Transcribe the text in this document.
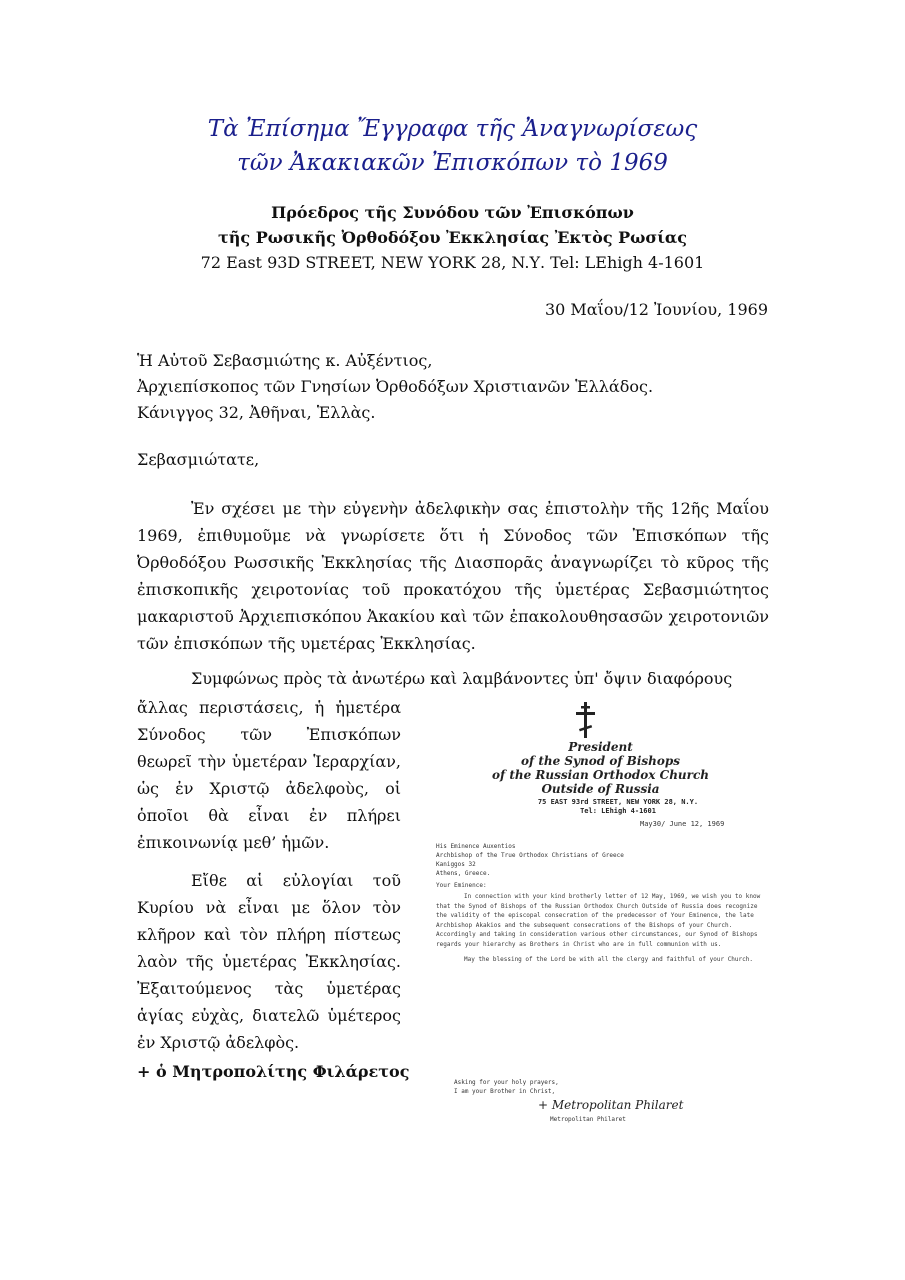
Τὰ Ἐπίσημα Ἔγγραφα τῆς Ἀναγνωρίσεως
τῶν Ἀκακιακῶν Ἐπισκόπων τὸ 1969
Πρόεδρος τῆς Συνόδου τῶν Ἐπισκόπων
τῆς Ρωσικῆς Ὀρθοδόξου Ἐκκλησίας Ἐκτὸς Ρωσίας
72 East 93D STREET, NEW YORK 28, N.Υ. Tel: LEhigh 4-1601
30 Μαΐου/12 Ἰουνίου, 1969
Ἡ Αὐτοῦ Σεβασμιώτης κ. Αὐξέντιος,
Ἀρχιεπίσκοπος τῶν Γνησίων Ὀρθοδόξων Χριστιανῶν Ἑλλάδος.
Κάνιγγος 32, Ἀθῆναι, Ἑλλὰς.
Σεβασμιώτατε,
Ἐν σχέσει με τὴν εὐγενὴν ἀδελφικὴν σας ἐπιστολὴν τῆς 12ῆς Μαΐου 1969, ἐπιθυμοῦμε νὰ γνωρίσετε ὅτι ἡ Σύνοδος τῶν Ἐπισκόπων τῆς Ὀρθοδόξου Ρωσσικῆς Ἐκκλησίας τῆς Διασπορᾶς ἀναγνωρίζει τὸ κῦρος τῆς ἐπισκοπικῆς χειροτονίας τοῦ προκατόχου τῆς ὑμετέρας Σεβασμιώτητος μακαριστοῦ Ἀρχιεπισκόπου Ἀκακίου καὶ τῶν ἐπακολουθησασῶν χειροτονιῶν τῶν ἐπισκόπων τῆς υμετέρας Ἐκκλησίας.
Συμφώνως πρὸς τὰ ἀνωτέρω καὶ λαμβάνοντες ὑπ' ὄψιν διαφόρους
ἄλλας περιστάσεις, ἡ ἡμετέρα Σύνοδος τῶν Ἐπισκόπων θεωρεῖ τὴν ὑμετέραν Ἱεραρχίαν, ὡς ἐν Χριστῷ ἀδελφοὺς, οἱ ὁποῖοι θὰ εἶναι ἐν πλήρει ἐπικοινωνίᾳ μεθ’ ἡμῶν.
Εἴθε αἱ εὐλογίαι τοῦ Κυρίου νὰ εἶναι με ὅλον τὸν κλῆρον καὶ τὸν πλήρη πίστεως λαὸν τῆς ὑμετέρας Ἐκκλησίας. Ἐξαιτούμενος τὰς ὑμετέρας ἁγίας εὐχὰς, διατελῶ ὑμέτερος ἐν Χριστῷ ἀδελφὸς.
+ ὁ Μητροπολίτης Φιλάρετος
President
of the Synod of Bishops
of the Russian Orthodox Church
Outside of Russia
75 EAST 93rd STREET, NEW YORK 28, N.Y.
Tel: LEhigh 4-1601
May30/ June 12, 1969
His Eminence Auxentios
Archbishop of the True Orthodox Christians of Greece
Kaniggos 32
Athens, Greece.
Your Eminence:

In connection with your kind brotherly letter of 12 May, 1969, we wish you to know that the Synod of Bishops of the Russian Orthodox Church Outside of Russia does recognize the validity of the episcopal consecration of the predecessor of Your Eminence, the late Archbishop Akakios and the subsequent consecrations of the Bishops of your Church. Accordingly and taking in consideration various other circumstances, our Synod of Bishops regards your hierarchy as Brothers in Christ who are in full communion with us.

May the blessing of the Lord be with all the clergy and faithful of your Church.

Asking for your holy prayers,
I am your Brother in Christ,
+ Metropolitan Philaret
Metropolitan Philaret
